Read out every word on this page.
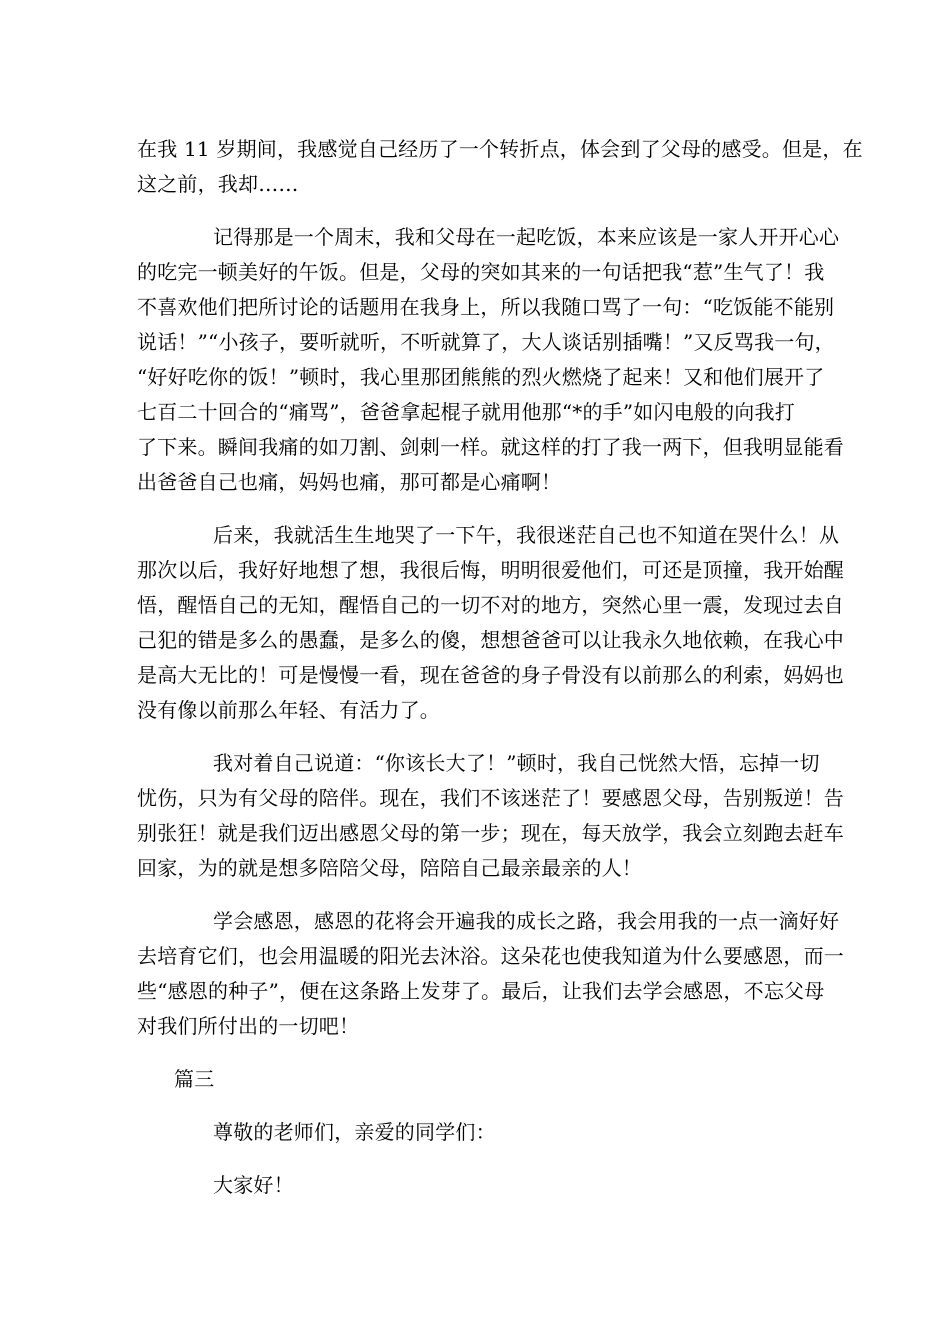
在我 11 岁期间，我感觉自己经历了一个转折点，体会到了父母的感受。但是，在
这之前，我却……
记得那是一个周末，我和父母在一起吃饭，本来应该是一家人开开心心
的吃完一顿美好的午饭。但是，父母的突如其来的一句话把我“惹”生气了！我
不喜欢他们把所讨论的话题用在我身上，所以我随口骂了一句：“吃饭能不能别
说话！”“小孩子，要听就听，不听就算了，大人谈话别插嘴！”又反骂我一句，
“好好吃你的饭！”顿时，我心里那团熊熊的烈火燃烧了起来！又和他们展开了
七百二十回合的“痛骂”，爸爸拿起棍子就用他那“*的手”如闪电般的向我打
了下来。瞬间我痛的如刀割、剑刺一样。就这样的打了我一两下，但我明显能看
出爸爸自己也痛，妈妈也痛，那可都是心痛啊！
后来，我就活生生地哭了一下午，我很迷茫自己也不知道在哭什么！从
那次以后，我好好地想了想，我很后悔，明明很爱他们，可还是顶撞，我开始醒
悟，醒悟自己的无知，醒悟自己的一切不对的地方，突然心里一震，发现过去自
己犯的错是多么的愚蠢，是多么的傻，想想爸爸可以让我永久地依赖，在我心中
是高大无比的！可是慢慢一看，现在爸爸的身子骨没有以前那么的利索，妈妈也
没有像以前那么年轻、有活力了。
我对着自己说道：“你该长大了！”顿时，我自己恍然大悟，忘掉一切
忧伤，只为有父母的陪伴。现在，我们不该迷茫了！要感恩父母，告别叛逆！告
别张狂！就是我们迈出感恩父母的第一步；现在，每天放学，我会立刻跑去赶车
回家，为的就是想多陪陪父母，陪陪自己最亲最亲的人！
学会感恩，感恩的花将会开遍我的成长之路，我会用我的一点一滴好好
去培育它们，也会用温暖的阳光去沐浴。这朵花也使我知道为什么要感恩，而一
些“感恩的种子”，便在这条路上发芽了。最后，让我们去学会感恩，不忘父母
对我们所付出的一切吧！
篇三
尊敬的老师们，亲爱的同学们：
大家好！
